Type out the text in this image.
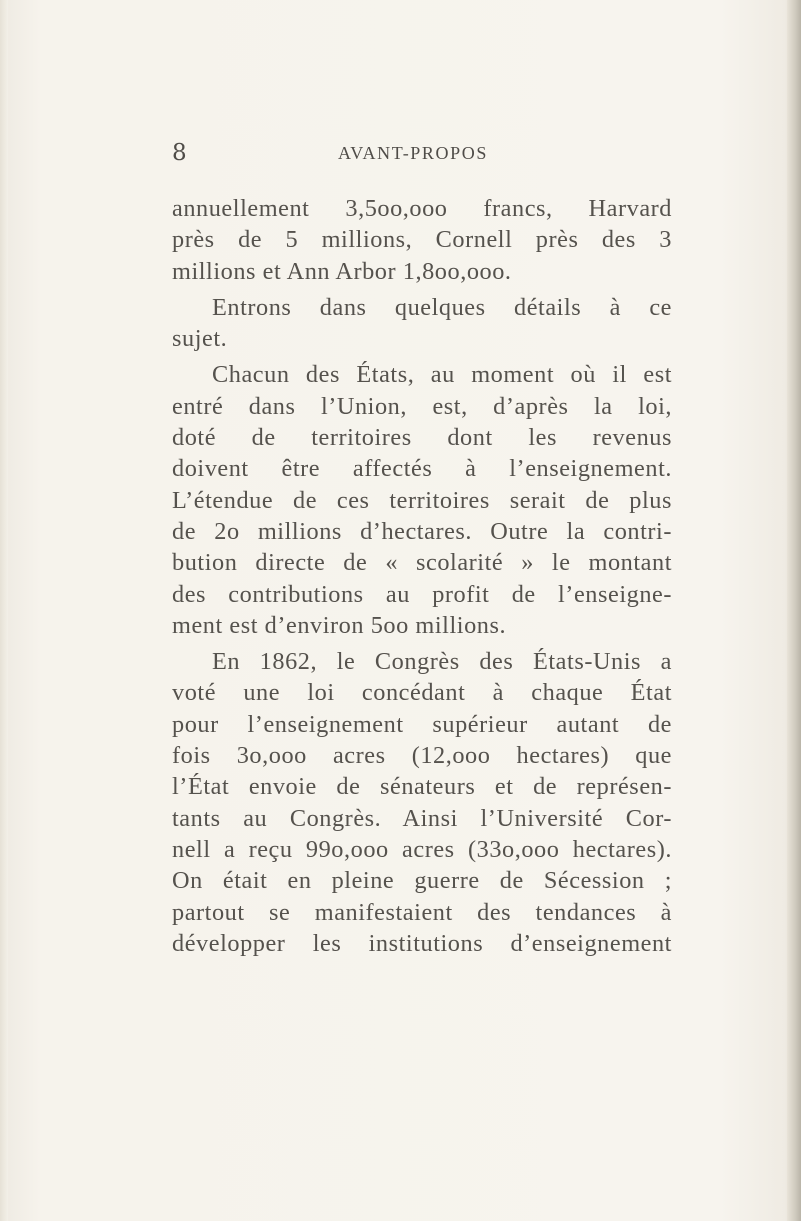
8	AVANT-PROPOS
annuellement 3,5oo,ooo francs, Harvard
près de 5 millions, Cornell près des 3
millions et Ann Arbor 1,8oo,ooo.
Entrons dans quelques détails à ce
sujet.
Chacun des États, au moment où il est
entré dans l’Union, est, d’après la loi,
doté de territoires dont les revenus
doivent être affectés à l’enseignement.
L’étendue de ces territoires serait de plus
de 2o millions d’hectares. Outre la contri-
bution directe de « scolarité » le montant
des contributions au profit de l’enseigne-
ment est d’environ 5oo millions.
En 1862, le Congrès des États-Unis a
voté une loi concédant à chaque État
pour l’enseignement supérieur autant de
fois 3o,ooo acres (12,ooo hectares) que
l’État envoie de sénateurs et de représen-
tants au Congrès. Ainsi l’Université Cor-
nell a reçu 99o,ooo acres (33o,ooo hectares).
On était en pleine guerre de Sécession ;
partout se manifestaient des tendances à
développer les institutions d’enseignement
